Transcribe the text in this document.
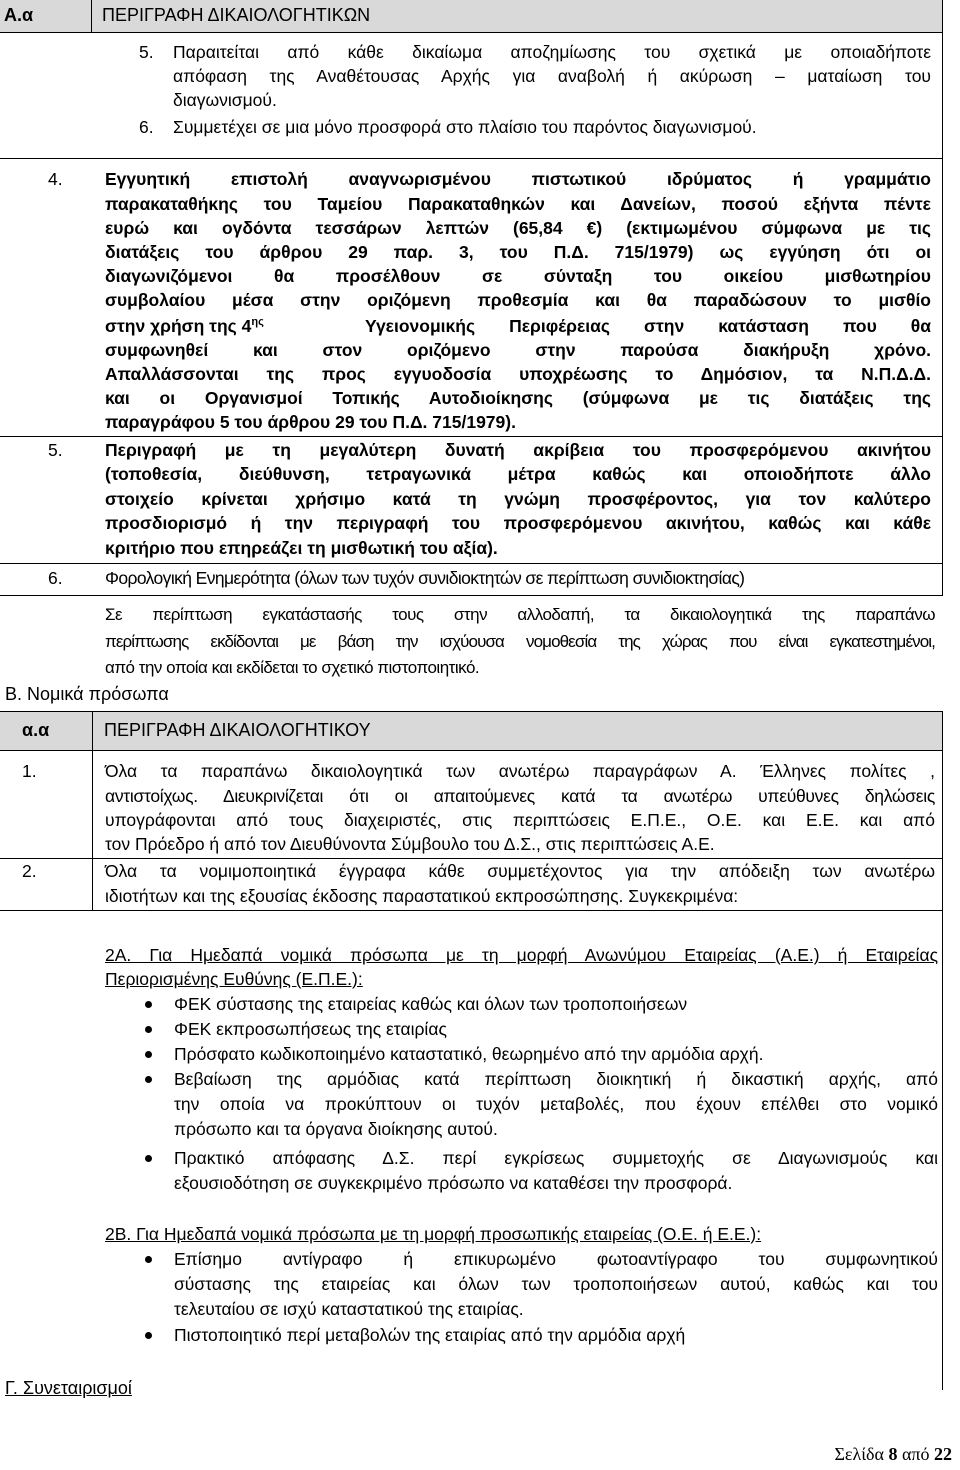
Α.α	ΠΕΡΙΓΡΑΦΗ ΔΙΚΑΙΟΛΟΓΗΤΙΚΩΝ
5. Παραιτείται από κάθε δικαίωμα αποζημίωσης του σχετικά με οποιαδήποτε
απόφαση της Αναθέτουσας Αρχής για αναβολή ή ακύρωση – ματαίωση του
διαγωνισμού.
6. Συμμετέχει σε μια μόνο προσφορά στο πλαίσιο του παρόντος διαγωνισμού.
4. Εγγυητική επιστολή αναγνωρισμένου πιστωτικού ιδρύματος ή γραμμάτιο
παρακαταθήκης του Ταμείου Παρακαταθηκών και Δανείων, ποσού εξήντα πέντε
ευρώ και ογδόντα τεσσάρων λεπτών (65,84 €) (εκτιμωμένου σύμφωνα με τις
διατάξεις του άρθρου 29 παρ. 3, του Π.Δ. 715/1979) ως εγγύηση ότι οι
διαγωνιζόμενοι θα προσέλθουν σε σύνταξη του οικείου μισθωτηρίου
συμβολαίου μέσα στην οριζόμενη προθεσμία και θα παραδώσουν το μισθίο
στην χρήση της $4^{\eta\varsigma}$	Υγειονομικής Περιφέρειας στην κατάσταση που θα
συμφωνηθεί και στον οριζόμενο στην παρούσα διακήρυξη χρόνο.
Απαλλάσσονται της προς εγγυοδοσία υποχρέωσης το Δημόσιον, τα Ν.Π.Δ.Δ.
και οι Οργανισμοί Τοπικής Αυτοδιοίκησης (σύμφωνα με τις διατάξεις της
παραγράφου 5 του άρθρου 29 του Π.Δ. 715/1979).
5. Περιγραφή με τη μεγαλύτερη δυνατή ακρίβεια του προσφερόμενου ακινήτου
(τοποθεσία, διεύθυνση, τετραγωνικά μέτρα καθώς και οποιοδήποτε άλλο
στοιχείο κρίνεται χρήσιμο κατά τη γνώμη προσφέροντος, για τον καλύτερο
προσδιορισμό ή την περιγραφή του προσφερόμενου ακινήτου, καθώς και κάθε
κριτήριο που επηρεάζει τη μισθωτική του αξία).
6. Φορολογική Ενημερότητα (όλων των τυχόν συνιδιοκτητών σε περίπτωση συνιδιοκτησίας)
Σε περίπτωση εγκατάστασής τους στην αλλοδαπή, τα δικαιολογητικά της παραπάνω
περίπτωσης εκδίδονται με βάση την ισχύουσα νομοθεσία της χώρας που είναι εγκατεστημένοι,
από την οποία και εκδίδεται το σχετικό πιστοποιητικό.
Β. Νομικά πρόσωπα
α.α	ΠΕΡΙΓΡΑΦΗ ΔΙΚΑΙΟΛΟΓΗΤΙΚΟΥ
1.	Όλα τα παραπάνω δικαιολογητικά των ανωτέρω παραγράφων Α. Έλληνες πολίτες ,
αντιστοίχως. Διευκρινίζεται ότι οι απαιτούμενες κατά τα ανωτέρω υπεύθυνες δηλώσεις
υπογράφονται από τους διαχειριστές, στις περιπτώσεις Ε.Π.Ε., Ο.Ε. και Ε.Ε. και από
τον Πρόεδρο ή από τον Διευθύνοντα Σύμβουλο του Δ.Σ., στις περιπτώσεις Α.Ε.
2.	Όλα τα νομιμοποιητικά έγγραφα κάθε συμμετέχοντος για την απόδειξη των ανωτέρω
ιδιοτήτων και της εξουσίας έκδοσης παραστατικού εκπροσώπησης. Συγκεκριμένα:
2Α. Για Ημεδαπά νομικά πρόσωπα με τη μορφή Ανωνύμου Εταιρείας (Α.Ε.) ή Εταιρείας
Περιορισμένης Ευθύνης (Ε.Π.Ε.):
ΦΕΚ σύστασης της εταιρείας καθώς και όλων των τροποποιήσεων
ΦΕΚ εκπροσωπήσεως της εταιρίας
Πρόσφατο κωδικοποιημένο καταστατικό, θεωρημένο από την αρμόδια αρχή.
Βεβαίωση της αρμόδιας κατά περίπτωση διοικητική ή δικαστική αρχής, από
την οποία να προκύπτουν οι τυχόν μεταβολές, που έχουν επέλθει στο νομικό
πρόσωπο και τα όργανα διοίκησης αυτού.
Πρακτικό απόφασης Δ.Σ. περί εγκρίσεως συμμετοχής σε Διαγωνισμούς και
εξουσιοδότηση σε συγκεκριμένο πρόσωπο να καταθέσει την προσφορά.
2Β. Για Ημεδαπά νομικά πρόσωπα με τη μορφή προσωπικής εταιρείας (Ο.Ε. ή Ε.Ε.):
Επίσημο αντίγραφο ή επικυρωμένο φωτοαντίγραφο του συμφωνητικού
σύστασης της εταιρείας και όλων των τροποποιήσεων αυτού, καθώς και του
τελευταίου σε ισχύ καταστατικού της εταιρίας.
Πιστοποιητικό περί μεταβολών της εταιρίας από την αρμόδια αρχή
Γ. Συνεταιρισμοί
Σελίδα 8 από 22
